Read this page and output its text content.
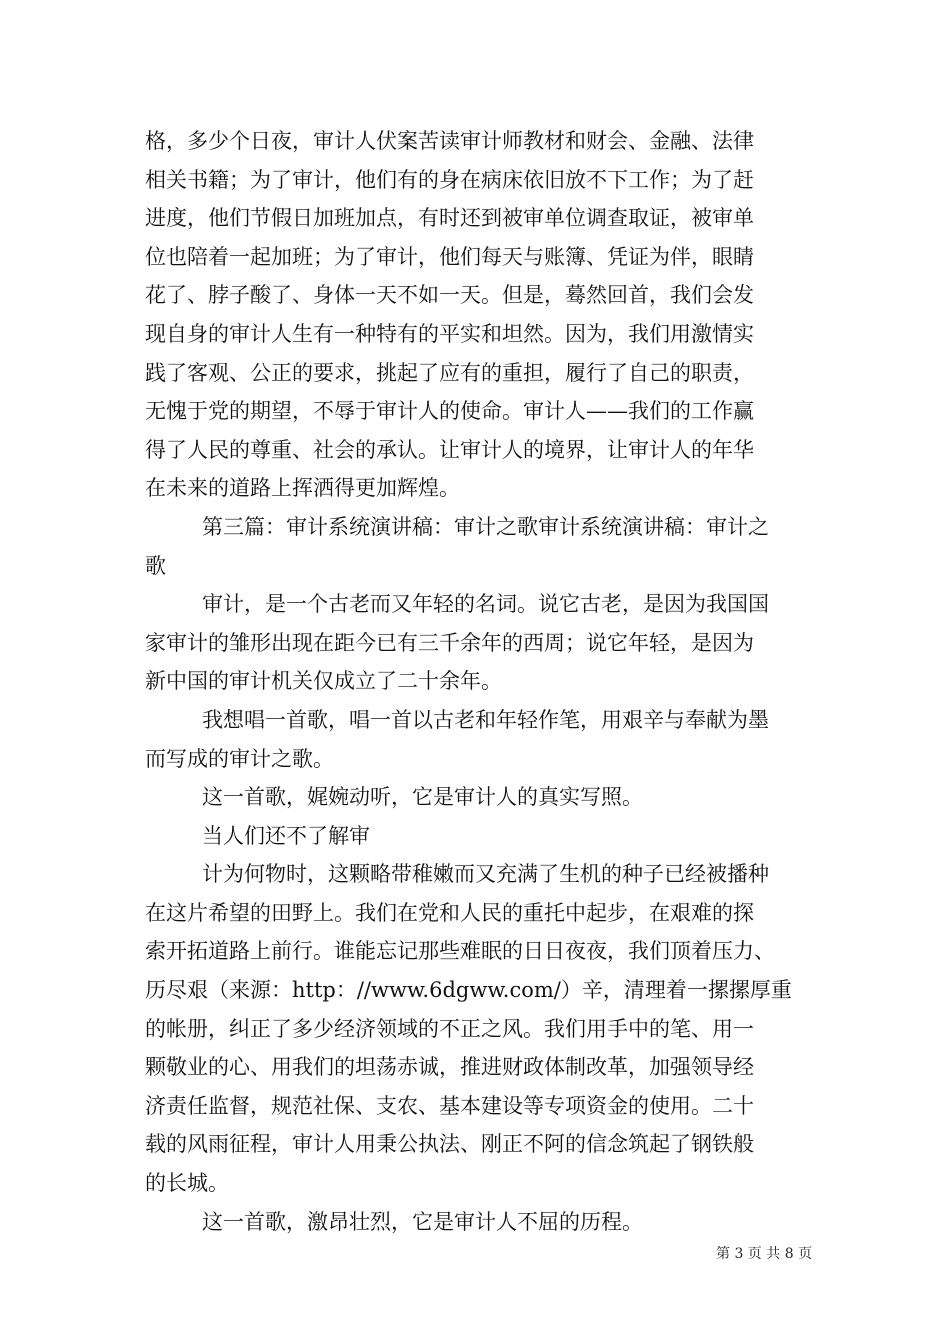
格，多少个日夜，审计人伏案苦读审计师教材和财会、金融、法律
相关书籍；为了审计，他们有的身在病床依旧放不下工作；为了赶
进度，他们节假日加班加点，有时还到被审单位调查取证，被审单
位也陪着一起加班；为了审计，他们每天与账簿、凭证为伴，眼睛
花了、脖子酸了、身体一天不如一天。但是，蓦然回首，我们会发
现自身的审计人生有一种特有的平实和坦然。因为，我们用激情实
践了客观、公正的要求，挑起了应有的重担，履行了自己的职责，
无愧于党的期望，不辱于审计人的使命。审计人——我们的工作赢
得了人民的尊重、社会的承认。让审计人的境界，让审计人的年华
在未来的道路上挥洒得更加辉煌。
第三篇：审计系统演讲稿：审计之歌审计系统演讲稿：审计之
歌
审计，是一个古老而又年轻的名词。说它古老，是因为我国国
家审计的雏形出现在距今已有三千余年的西周；说它年轻，是因为
新中国的审计机关仅成立了二十余年。
我想唱一首歌，唱一首以古老和年轻作笔，用艰辛与奉献为墨
而写成的审计之歌。
这一首歌，娓婉动听，它是审计人的真实写照。
当人们还不了解审
计为何物时，这颗略带稚嫩而又充满了生机的种子已经被播种
在这片希望的田野上。我们在党和人民的重托中起步，在艰难的探
索开拓道路上前行。谁能忘记那些难眠的日日夜夜，我们顶着压力、
历尽艰（来源：http：//www.6dgww.com/）辛，清理着一摞摞厚重
的帐册，纠正了多少经济领域的不正之风。我们用手中的笔、用一
颗敬业的心、用我们的坦荡赤诚，推进财政体制改革，加强领导经
济责任监督，规范社保、支农、基本建设等专项资金的使用。二十
载的风雨征程，审计人用秉公执法、刚正不阿的信念筑起了钢铁般
的长城。
这一首歌，激昂壮烈，它是审计人不屈的历程。
第 3 页 共 8 页
